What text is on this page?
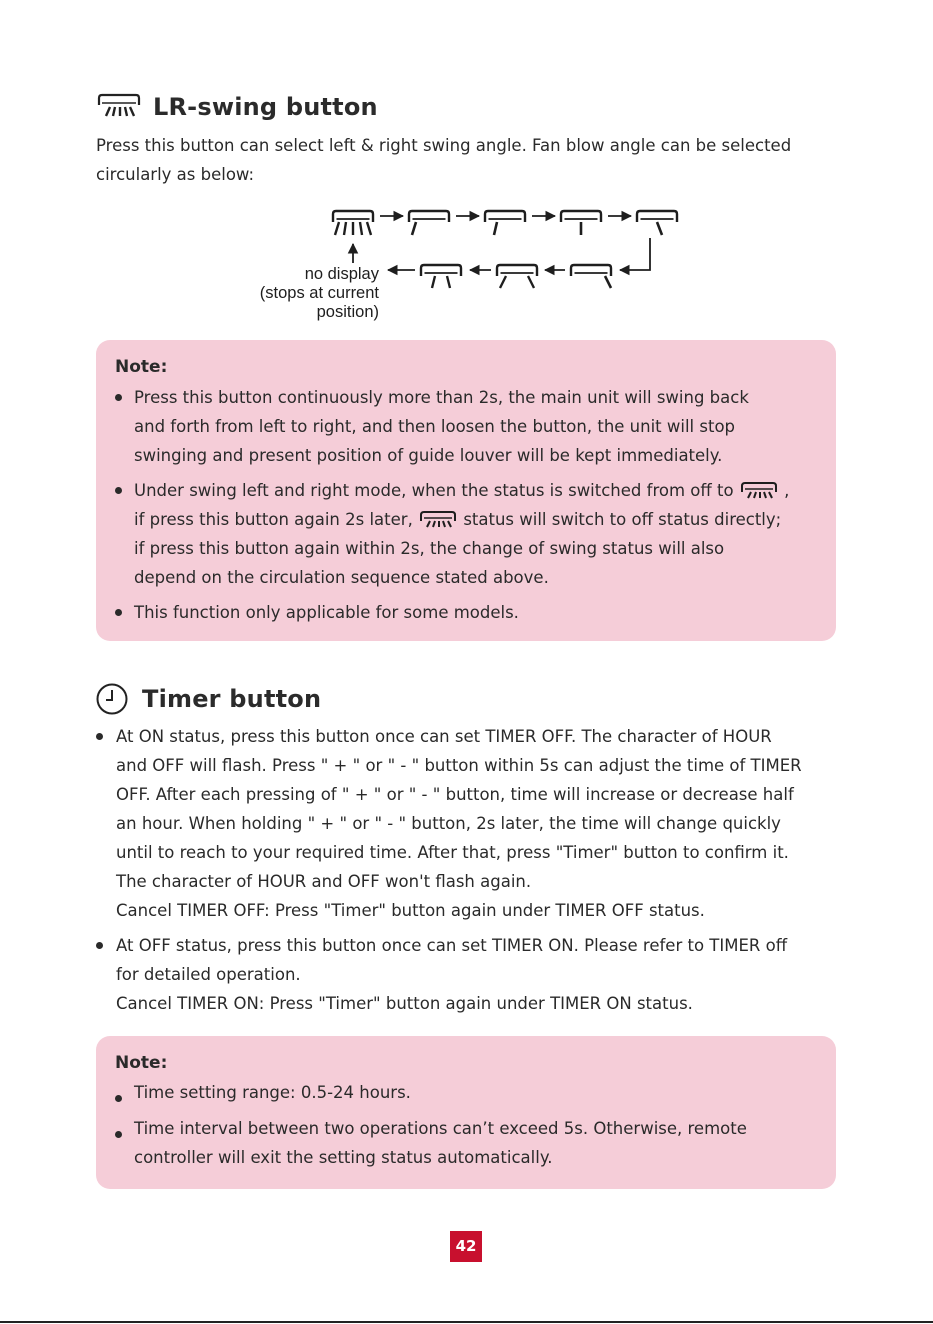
LR-swing button
Press this button can select left & right swing angle. Fan blow angle can be selected
circularly as below:
no display
(stops at current
position)
Note:
Press this button continuously more than 2s, the main unit will swing back
and forth from left to right, and then loosen the button, the unit will stop
swinging and present position of guide louver will be kept immediately.
Under swing left and right mode, when the status is switched from off to	,
if press this button again 2s later,	status will switch to off status directly;
if press this button again within 2s, the change of swing status will also
depend on the circulation sequence stated above.
This function only applicable for some models.
Timer button
At ON status, press this button once can set TIMER OFF. The character of HOUR
and OFF will flash. Press " + " or " - " button within 5s can adjust the time of TIMER
OFF. After each pressing of " + " or " - " button, time will increase or decrease half
an hour. When holding " + " or " - " button, 2s later, the time will change quickly
until to reach to your required time. After that, press "Timer" button to confirm it.
The character of HOUR and OFF won't flash again.
Cancel TIMER OFF: Press "Timer" button again under TIMER OFF status.
At OFF status, press this button once can set TIMER ON. Please refer to TIMER off
for detailed operation.
Cancel TIMER ON: Press "Timer" button again under TIMER ON status.
Note:
Time setting range: 0.5-24 hours.
Time interval between two operations can’t exceed 5s. Otherwise, remote
controller will exit the setting status automatically.
42
